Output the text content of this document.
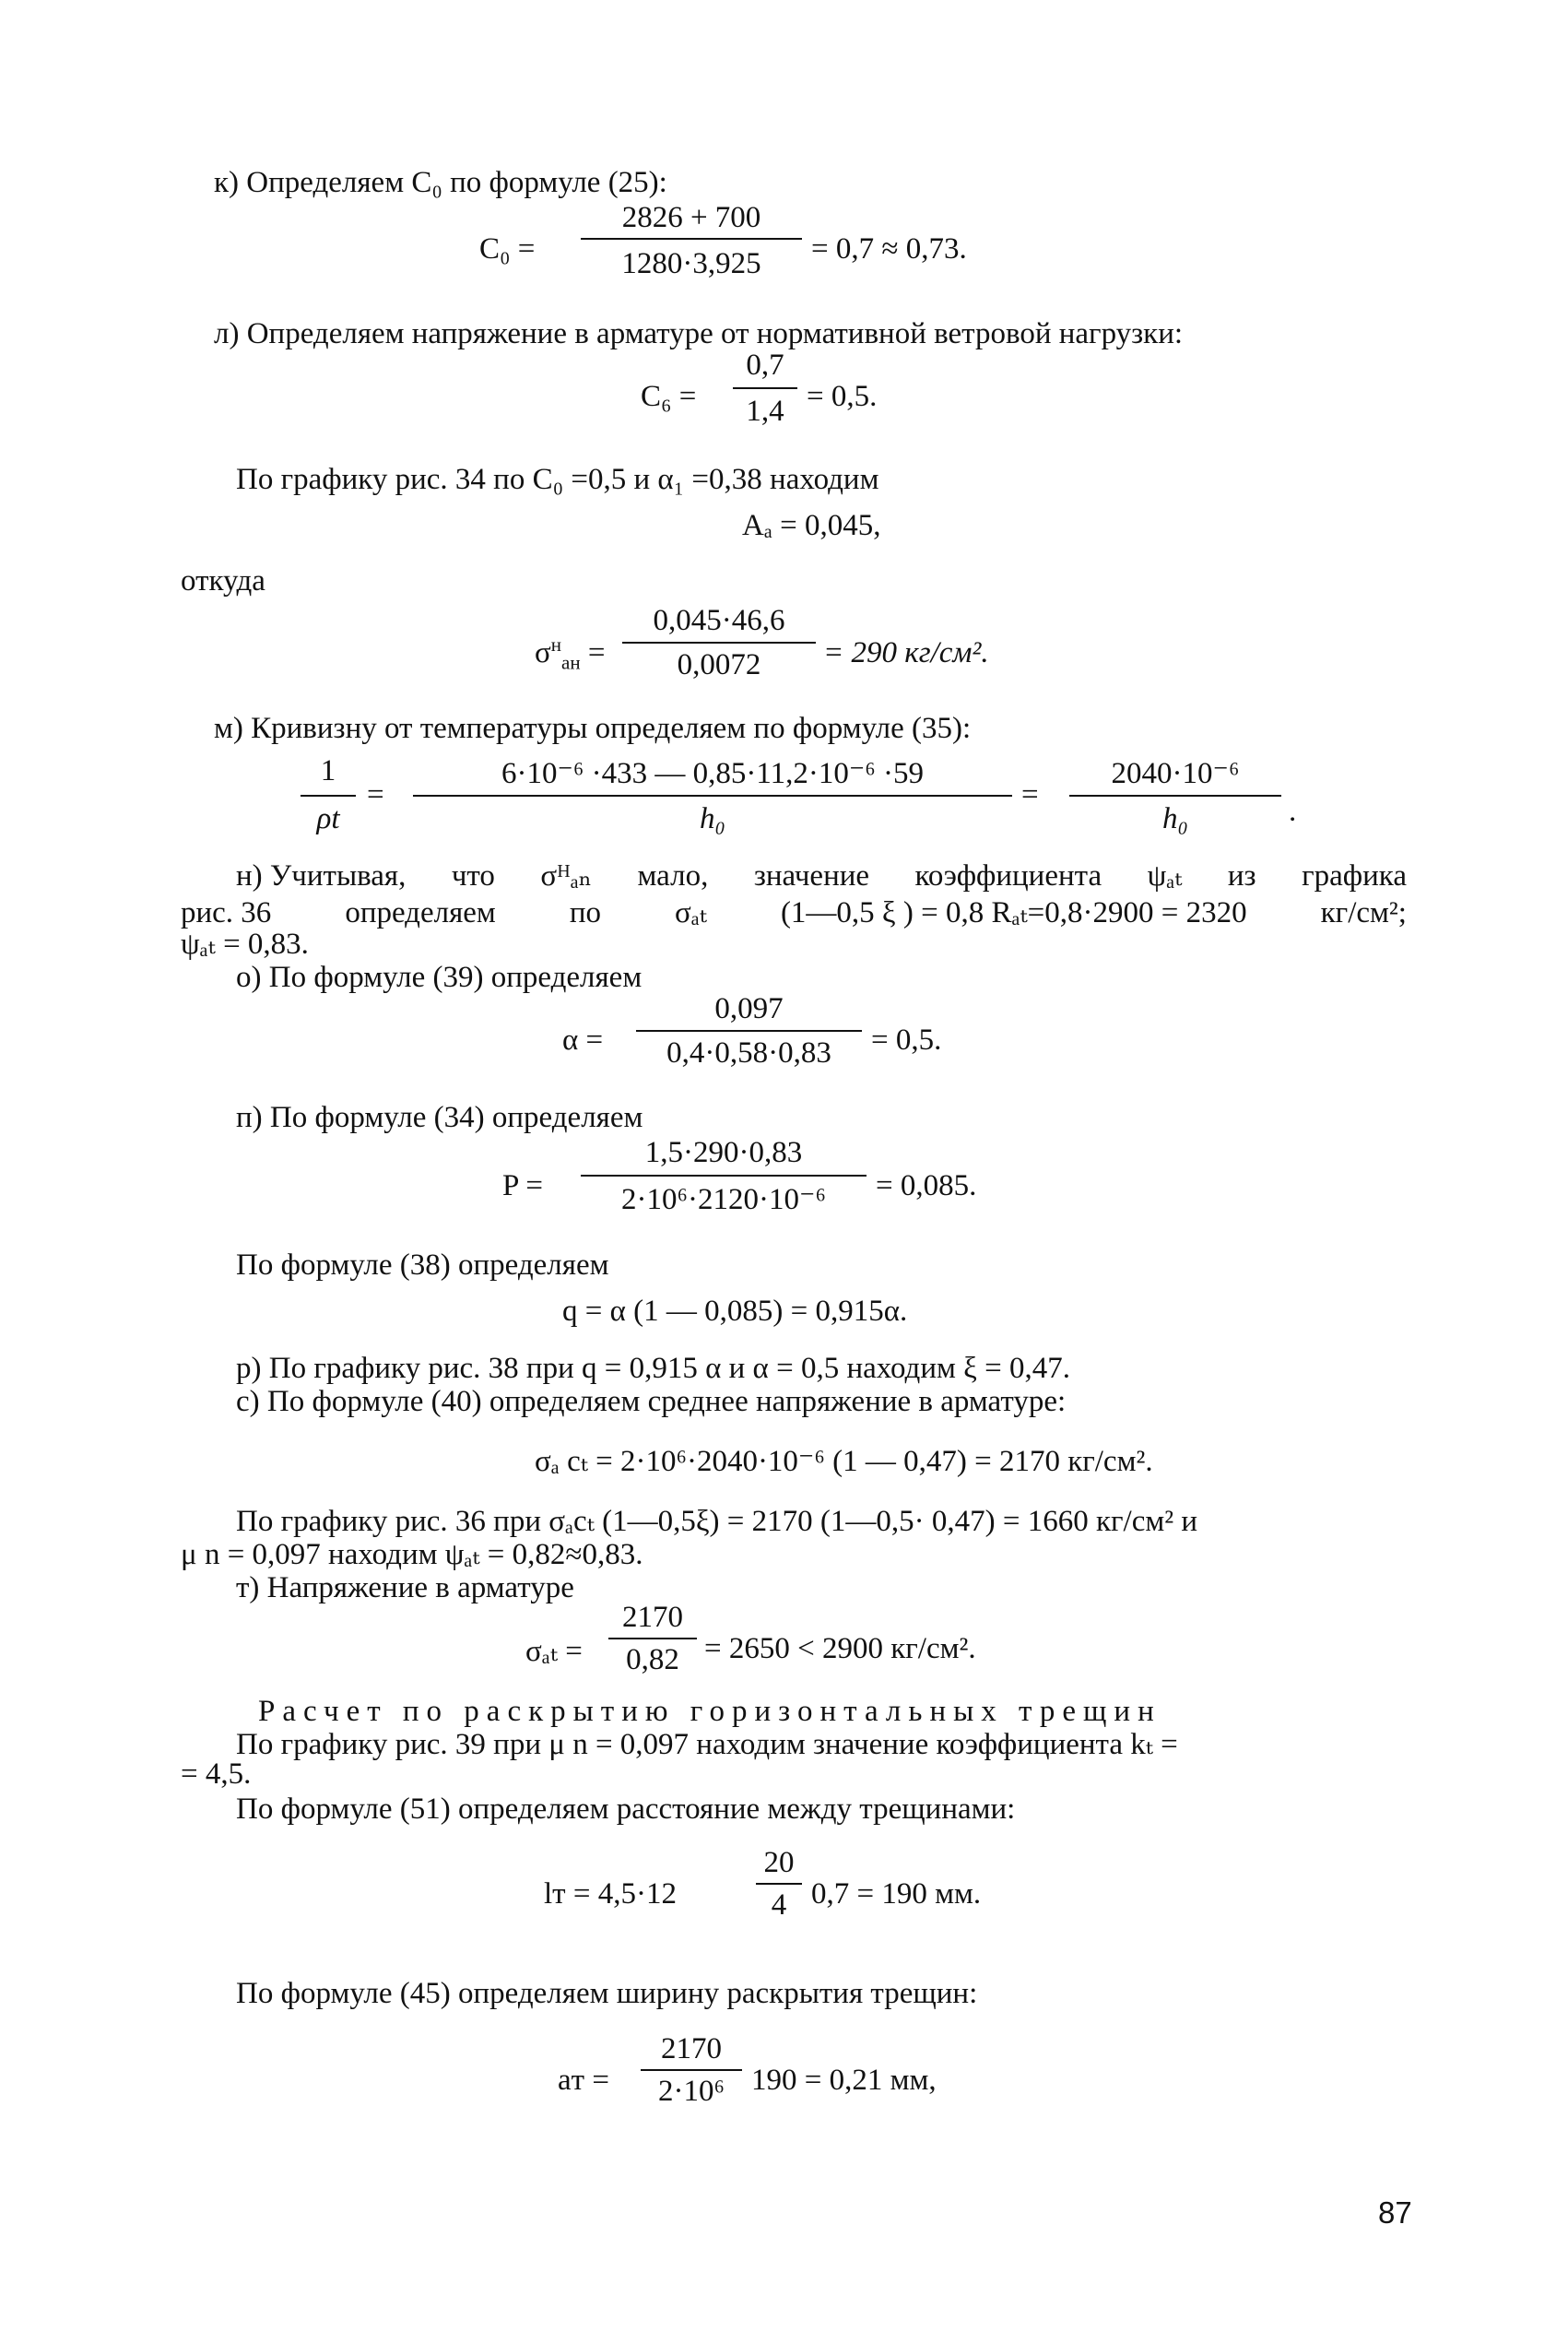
к) Определяем C₀ по формуле (25):
C₀ =
2826 + 700
1280·3,925	= 0,7 ≈ 0,73.
л) Определяем напряжение в арматуре от нормативной ветровой нагрузки:
C₆ =
0,7
1,4 = 0,5.
По графику рис. 34 по C₀ =0,5 и α₁ =0,38 находим
Aₐ = 0,045,
откуда
$\sigma^н_{ан}$ =
0,045·46,6
0,0072	= 290 кг/см².
м) Кривизну от температуры определяем по формуле (35):
1
ρt
=
6·10⁻⁶ ·433 — 0,85·11,2·10⁻⁶ ·59
h₀
=
2040·10⁻⁶
h₀	.
н) Учитывая, что σᴴₐₙ мало, значение коэффициента ψₐₜ из графика
рис. 36 определяем по σₐₜ (1—0,5 ξ ) = 0,8 Rₐₜ=0,8·2900 = 2320 кг/см²;
ψₐₜ = 0,83.
о) По формуле (39) определяем
α =
0,097
0,4·0,58·0,83	= 0,5.
п) По формуле (34) определяем
P =
1,5·290·0,83
2·10⁶·2120·10⁻⁶	= 0,085.
По формуле (38) определяем
q = α (1 — 0,085) = 0,915α.
р) По графику рис. 38 при q = 0,915 α и α = 0,5 находим ξ = 0,47.
с) По формуле (40) определяем среднее напряжение в арматуре:
σₐ cₜ = 2·10⁶·2040·10⁻⁶ (1 — 0,47) = 2170 кг/см².
По графику рис. 36 при σₐcₜ (1—0,5ξ) = 2170 (1—0,5· 0,47) = 1660 кг/см² и
μ n = 0,097 находим ψₐₜ = 0,82≈0,83.
т) Напряжение в арматуре
σₐₜ =
2170
0,82 = 2650 < 2900 кг/см².
Расчет по раскрытию горизонтальных трещин
По графику рис. 39 при μ n = 0,097 находим значение коэффициента kₜ =
= 4,5.
По формуле (51) определяем расстояние между трещинами:
lᴛ = 4,5·12
20
4 0,7 = 190 мм.
По формуле (45) определяем ширину раскрытия трещин:
aᴛ =
2170
2·10⁶ 190 = 0,21 мм,
87
